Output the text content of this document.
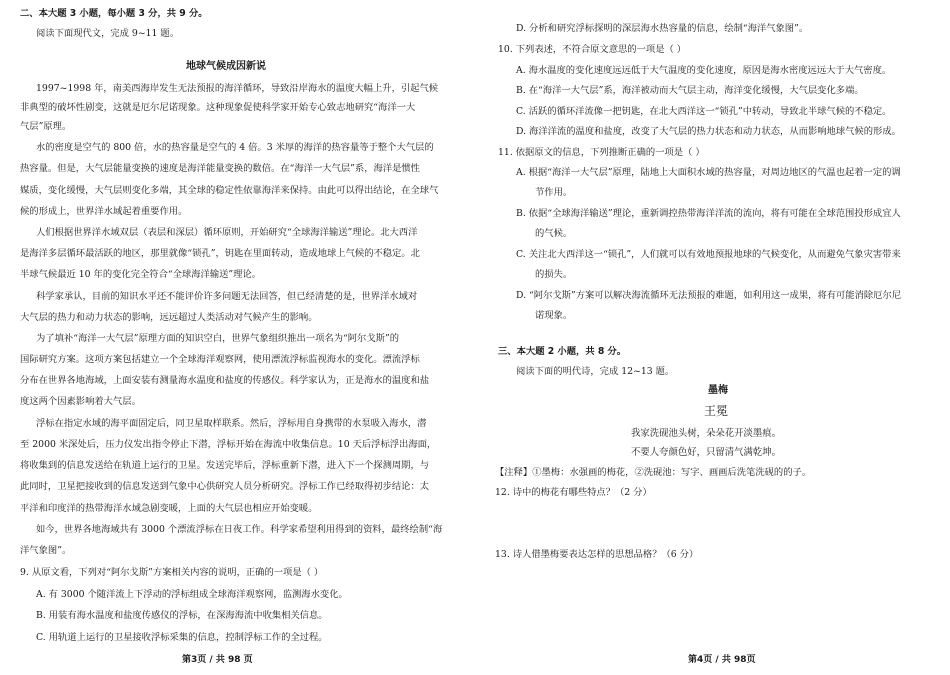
二、本大题 3 小题，每小题 3 分，共 9 分。
阅读下面现代文，完成 9~11 题。
地球气候成因新说
1997~1998 年，南美西海岸发生无法预报的海洋循环，导致沿岸海水的温度大幅上升，引起气候
非典型的破坏性剧变，这就是厄尔尼诺现象。这种现象促使科学家开始专心致志地研究“海洋一大
气层”原理。
水的密度是空气的 800 倍，水的热容量是空气的 4 倍。3 米厚的海洋的热容量等于整个大气层的
热容量。但是，大气层能量变换的速度是海洋能量变换的数倍。在“海洋一大气层”系，海洋是惯性
媒质，变化缓慢，大气层则变化多端，其全球的稳定性依靠海洋来保持。由此可以得出结论，在全球气
候的形成上，世界洋水域起着重要作用。
人们根据世界洋水域双层（表层和深层）循环原则，开始研究“全球海洋输送”理论。北大西洋
是海洋多层循环最活跃的地区，那里就像“锁孔”，钥匙在里面转动，造成地球上气候的不稳定。北
半球气候最近 10 年的变化完全符合“全球海洋输送”理论。
科学家承认，目前的知识水平还不能评价许多问题无法回答，但已经清楚的是，世界洋水域对
大气层的热力和动力状态的影响，远远超过人类活动对气候产生的影响。
为了填补“海洋一大气层”原理方面的知识空白，世界气象组织推出一项名为“阿尔戈斯”的
国际研究方案。这项方案包括建立一个全球海洋观察网，使用漂流浮标监视海水的变化。漂流浮标
分布在世界各地海域，上面安装有测量海水温度和盐度的传感仪。科学家认为，正是海水的温度和盐
度这两个因素影响着大气层。
浮标在指定水域的海平面固定后，同卫星取样联系。然后，浮标用自身携带的水泵吸入海水，潜
至 2000 米深处后，压力仪发出指令停止下潜，浮标开始在海流中收集信息。10 天后浮标浮出海面，
将收集到的信息发送给在轨道上运行的卫星。发送完毕后，浮标重新下潜，进入下一个探测周期，与
此同时，卫星把接收到的信息发送到气象中心供研究人员分析研究。浮标工作已经取得初步结论：太
平洋和印度洋的热带海洋水域急剧变暖，上面的大气层也相应开始变暖。
如今，世界各地海域共有 3000 个漂流浮标在日夜工作。科学家希望利用得到的资料，最终绘制“海
洋气象图”。
9. 从原文看，下列对“阿尔戈斯”方案相关内容的说明，正确的一项是（ ）
A. 有 3000 个随洋流上下浮动的浮标组成全球海洋观察网，监测海水变化。
B. 用装有海水温度和盐度传感仪的浮标，在深海海流中收集相关信息。
C. 用轨道上运行的卫星接收浮标采集的信息，控制浮标工作的全过程。
第3页 / 共 98 页
D. 分析和研究浮标探明的深层海水热容量的信息，绘制“海洋气象图”。
10. 下列表述，不符合原文意思的一项是（ ）
A. 海水温度的变化速度远远低于大气温度的变化速度，原因是海水密度远远大于大气密度。
B. 在“海洋一大气层”系，海洋被动而大气层主动，海洋变化缓慢，大气层变化多端。
C. 活跃的循环洋流像一把钥匙，在北大西洋这一“锁孔”中转动，导致北半球气候的不稳定。
D. 海洋洋流的温度和盐度，改变了大气层的热力状态和动力状态，从而影响地球气候的形成。
11. 依据原文的信息，下列推断正确的一项是（ ）
A. 根据“海洋一大气层”原理，陆地上大面积水域的热容量，对周边地区的气温也起着一定的调
节作用。
B. 依据“全球海洋输送”理论，重新调控热带海洋洋流的流向，将有可能在全球范围投形成宜人
的气候。
C. 关注北大西洋这一“锁孔”，人们就可以有效地预报地球的气候变化，从而避免气象灾害带来
的损失。
D. “阿尔戈斯”方案可以解决海流循环无法预报的难题，如利用这一成果，将有可能消除厄尔尼
诺现象。
三、本大题 2 小题，共 8 分。
阅读下面的明代诗，完成 12~13 题。
墨梅
王冕
我家洗砚池头树，朵朵花开淡墨痕。
不要人夸颜色好，只留清气满乾坤。
【注释】①墨梅：水强画的梅花，②洗砚池：写字、画画后洗笔洗砚的的子。
12. 诗中的梅花有哪些特点？（2 分）
13. 诗人借墨梅要表达怎样的思想品格？（6 分）
第4页 / 共 98页
